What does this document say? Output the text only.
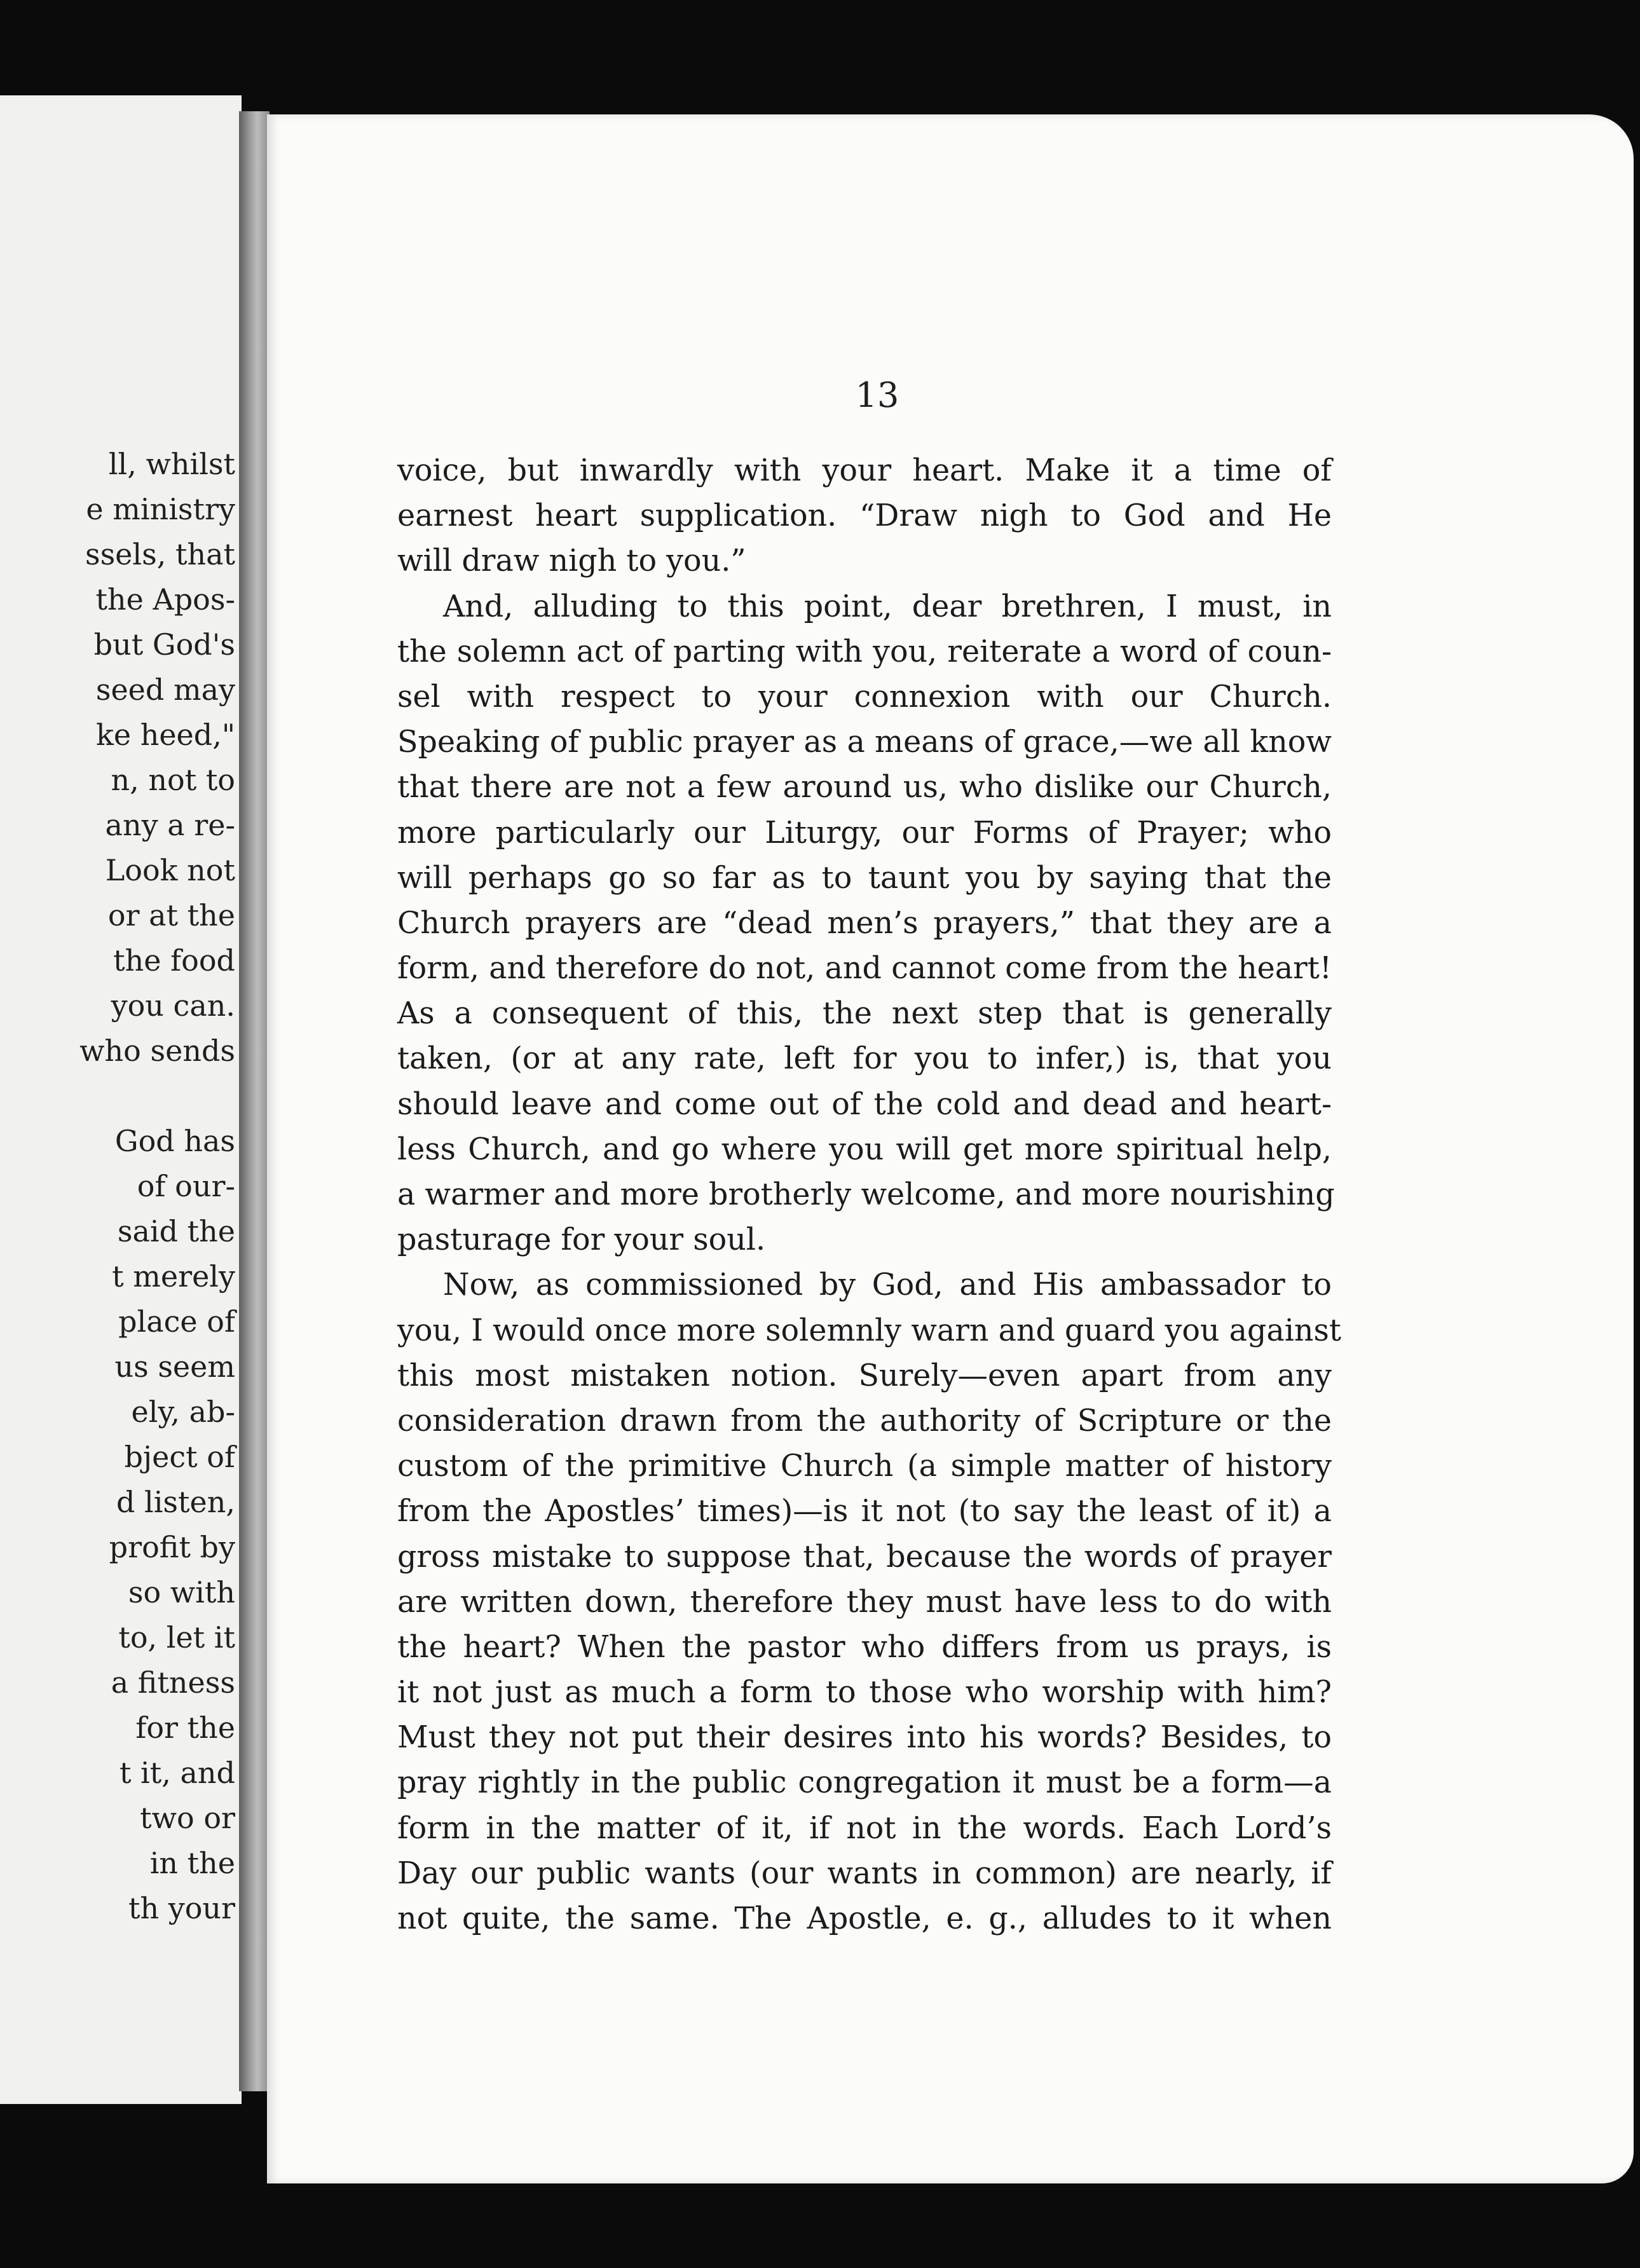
ll, whilst
e ministry
ssels, that
the Apos-
but God's
seed may
ke heed,"
n, not to
any a re-
Look not
or at the
the food
you can.
who sends
God has
of our-
said the
t merely
place of
us seem
ely, ab-
bject of
d listen,
profit by
so with
to, let it
a fitness
for the
t it, and
two or
in the
th your
13
voice, but inwardly with your heart. Make it a time of
earnest heart supplication. “Draw nigh to God and He
will draw nigh to you.”
And, alluding to this point, dear brethren, I must, in
the solemn act of parting with you, reiterate a word of coun-
sel with respect to your connexion with our Church.
Speaking of public prayer as a means of grace,—we all know
that there are not a few around us, who dislike our Church,
more particularly our Liturgy, our Forms of Prayer; who
will perhaps go so far as to taunt you by saying that the
Church prayers are “dead men’s prayers,” that they are a
form, and therefore do not, and cannot come from the heart!
As a consequent of this, the next step that is generally
taken, (or at any rate, left for you to infer,) is, that you
should leave and come out of the cold and dead and heart-
less Church, and go where you will get more spiritual help,
a warmer and more brotherly welcome, and more nourishing
pasturage for your soul.
Now, as commissioned by God, and His ambassador to
you, I would once more solemnly warn and guard you against
this most mistaken notion. Surely—even apart from any
consideration drawn from the authority of Scripture or the
custom of the primitive Church (a simple matter of history
from the Apostles’ times)—is it not (to say the least of it) a
gross mistake to suppose that, because the words of prayer
are written down, therefore they must have less to do with
the heart? When the pastor who differs from us prays, is
it not just as much a form to those who worship with him?
Must they not put their desires into his words? Besides, to
pray rightly in the public congregation it must be a form—a
form in the matter of it, if not in the words. Each Lord’s
Day our public wants (our wants in common) are nearly, if
not quite, the same. The Apostle, e. g., alludes to it when
